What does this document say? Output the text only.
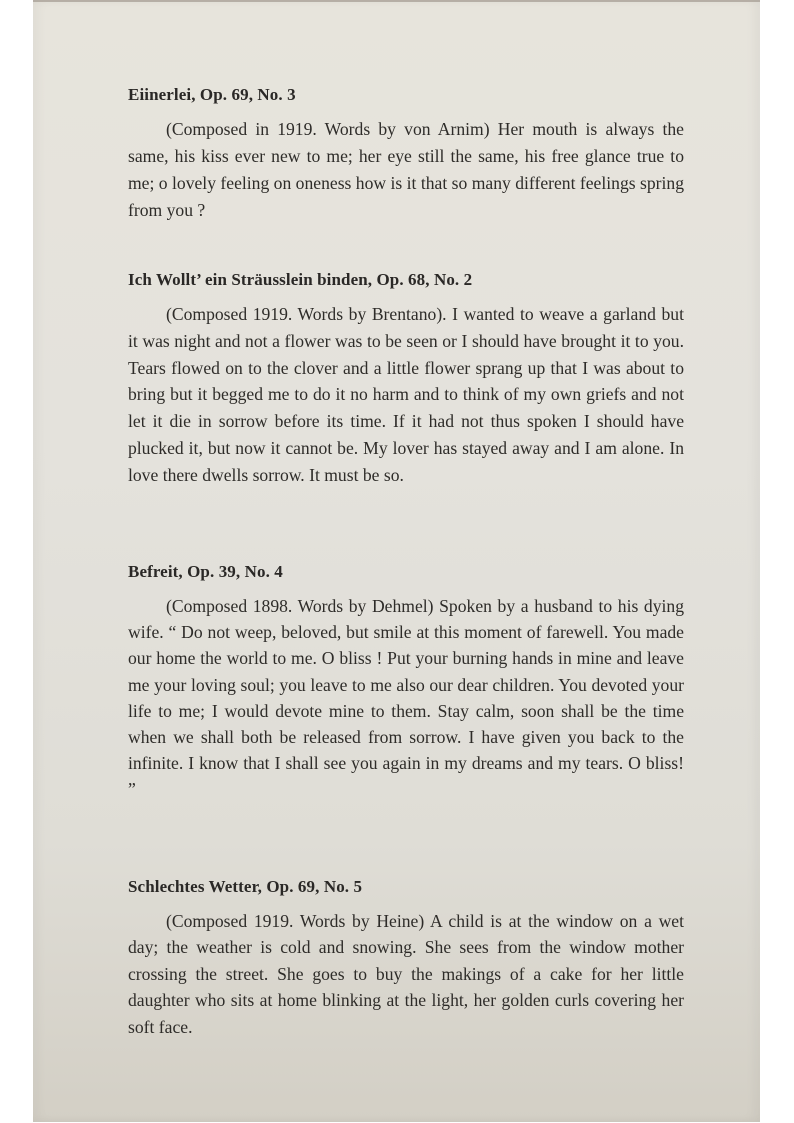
Eiinerlei, Op. 69, No. 3

(Composed in 1919. Words by von Arnim) Her mouth is always the same, his kiss ever new to me; her eye still the same, his free glance true to me; o lovely feeling on oneness how is it that so many different feelings spring from you ?

Ich Wollt’ ein Sträusslein binden, Op. 68, No. 2

(Composed 1919. Words by Brentano). I wanted to weave a garland but it was night and not a flower was to be seen or I should have brought it to you. Tears flowed on to the clover and a little flower sprang up that I was about to bring but it begged me to do it no harm and to think of my own griefs and not let it die in sorrow before its time. If it had not thus spoken I should have plucked it, but now it cannot be. My lover has stayed away and I am alone. In love there dwells sorrow. It must be so.

Befreit, Op. 39, No. 4

(Composed 1898. Words by Dehmel) Spoken by a husband to his dying wife. “ Do not weep, beloved, but smile at this moment of farewell. You made our home the world to me. O bliss ! Put your burning hands in mine and leave me your loving soul; you leave to me also our dear children. You devoted your life to me; I would devote mine to them. Stay calm, soon shall be the time when we shall both be released from sorrow. I have given you back to the infinite. I know that I shall see you again in my dreams and my tears. O bliss! ”

Schlechtes Wetter, Op. 69, No. 5

(Composed 1919. Words by Heine) A child is at the window on a wet day; the weather is cold and snowing. She sees from the window mother crossing the street. She goes to buy the makings of a cake for her little daughter who sits at home blinking at the light, her golden curls covering her soft face.
